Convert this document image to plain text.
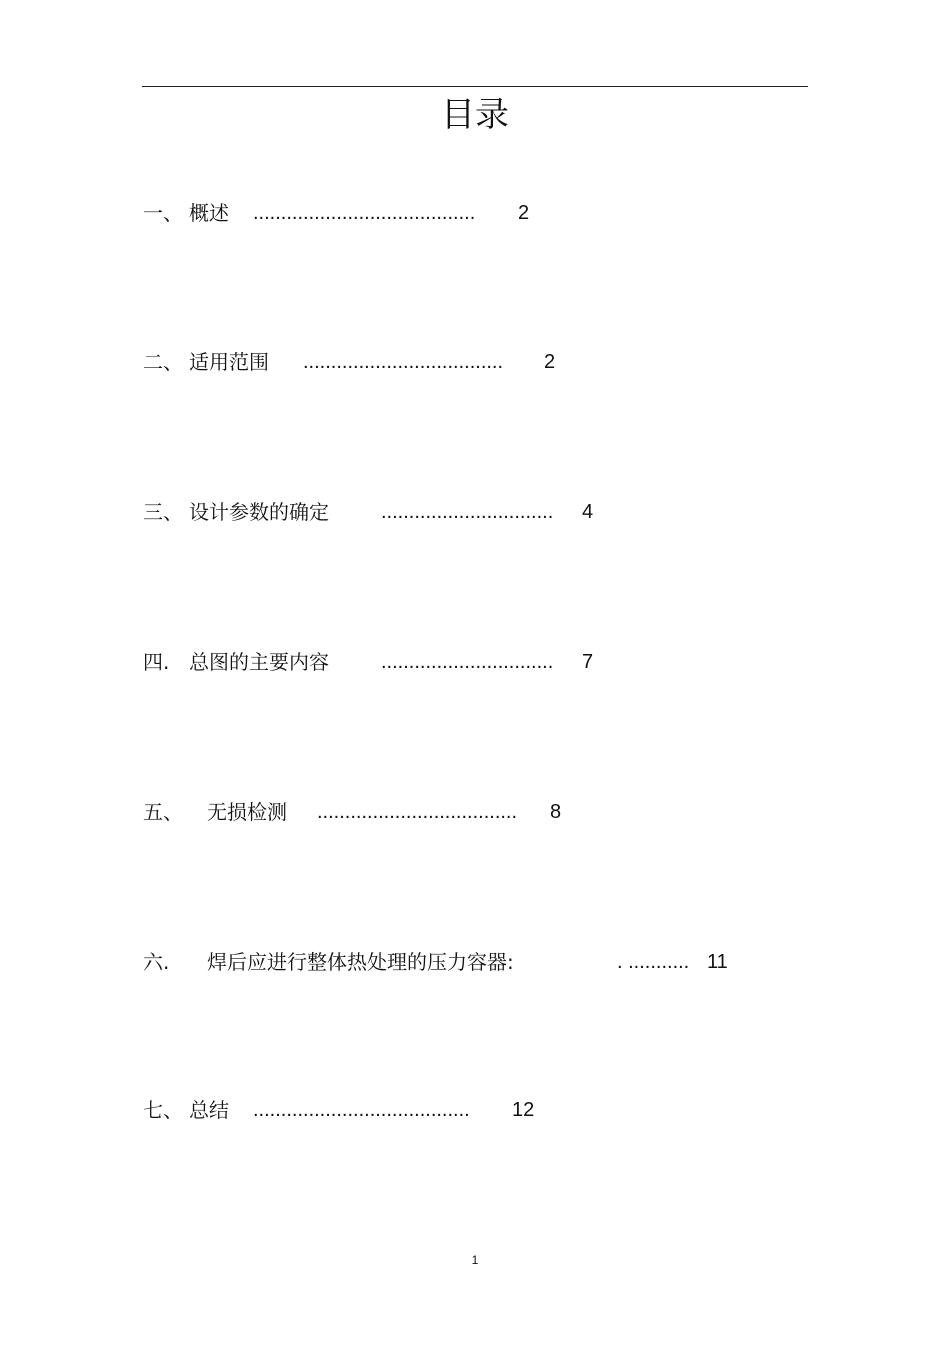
目录
一、 概述 ........................................ 2
二、 适用范围 .................................... 2
三、 设计参数的确定	............................... 4
四. 总图的主要内容	............................... 7
五、 无损检测 .................................... 8
六. 焊后应进行整体热处理的压力容器:	. ........... 11
七、 总结 ....................................... 12
1
